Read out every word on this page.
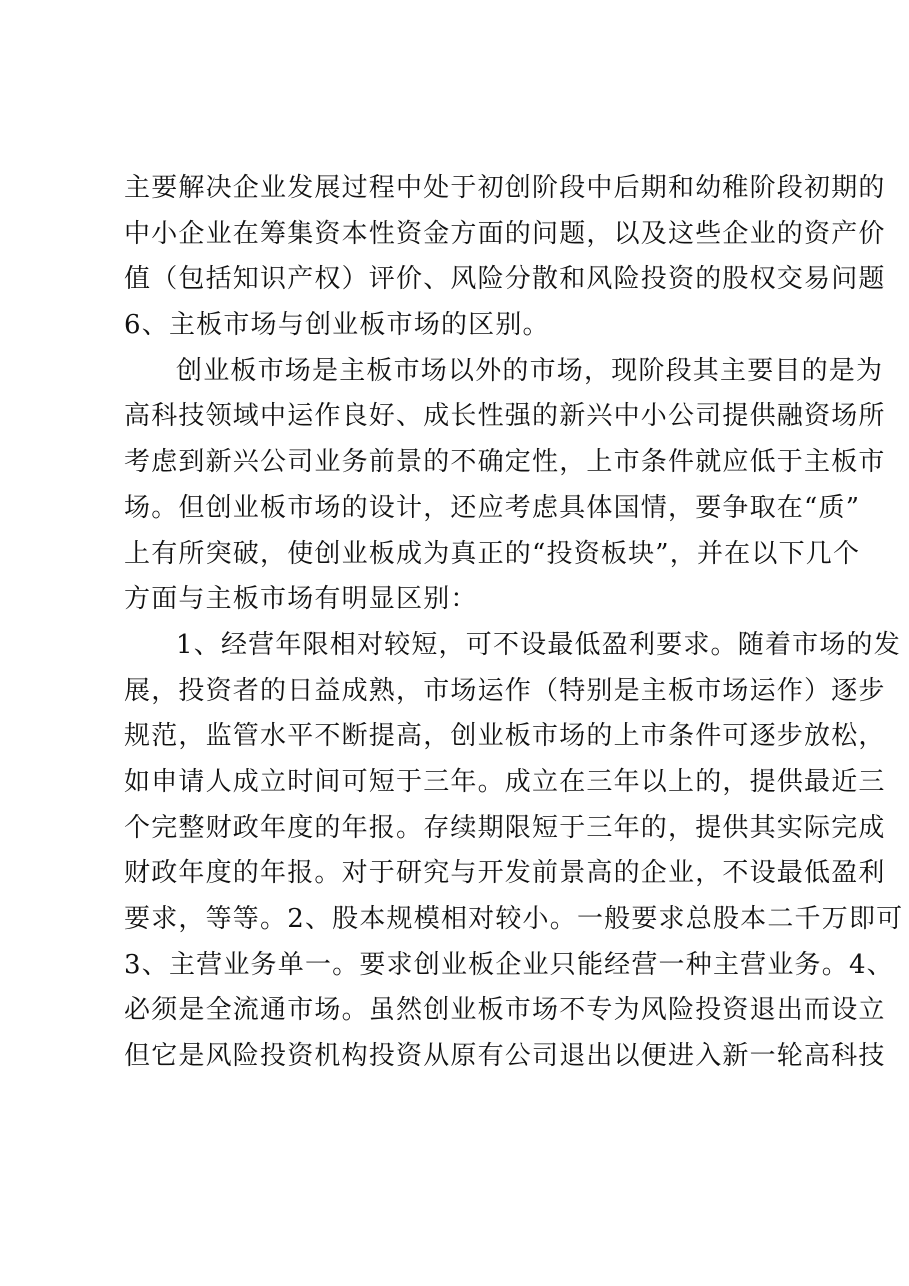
主要解决企业发展过程中处于初创阶段中后期和幼稚阶段初期的
中小企业在筹集资本性资金方面的问题，以及这些企业的资产价
值（包括知识产权）评价、风险分散和风险投资的股权交易问题
6、主板市场与创业板市场的区别。
创业板市场是主板市场以外的市场，现阶段其主要目的是为
高科技领域中运作良好、成长性强的新兴中小公司提供融资场所
考虑到新兴公司业务前景的不确定性，上市条件就应低于主板市
场。但创业板市场的设计，还应考虑具体国情，要争取在“质”
上有所突破，使创业板成为真正的“投资板块”，并在以下几个
方面与主板市场有明显区别：
1、经营年限相对较短，可不设最低盈利要求。随着市场的发
展，投资者的日益成熟，市场运作（特别是主板市场运作）逐步
规范，监管水平不断提高，创业板市场的上市条件可逐步放松，
如申请人成立时间可短于三年。成立在三年以上的，提供最近三
个完整财政年度的年报。存续期限短于三年的，提供其实际完成
财政年度的年报。对于研究与开发前景高的企业，不设最低盈利
要求，等等。2、股本规模相对较小。一般要求总股本二千万即可
3、主营业务单一。要求创业板企业只能经营一种主营业务。4、
必须是全流通市场。虽然创业板市场不专为风险投资退出而设立
但它是风险投资机构投资从原有公司退出以便进入新一轮高科技
